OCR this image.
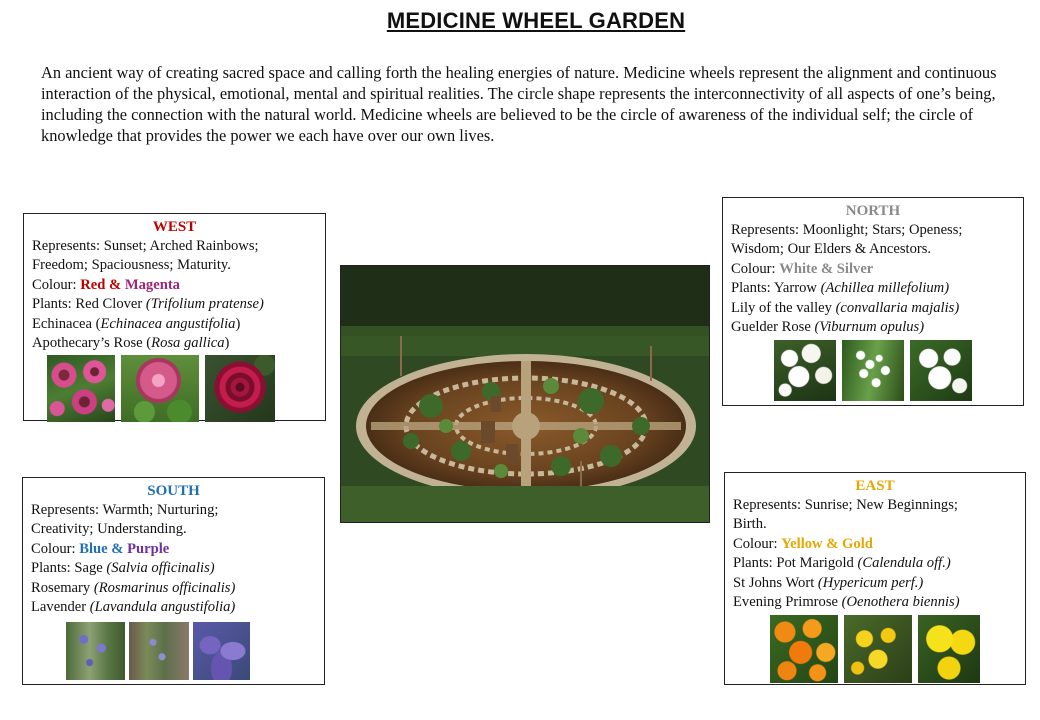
MEDICINE WHEEL GARDEN

An ancient way of creating sacred space and calling forth the healing energies of nature. Medicine wheels represent the alignment and continuous interaction of the physical, emotional, mental and spiritual realities. The circle shape represents the interconnectivity of all aspects of one’s being, including the connection with the natural world. Medicine wheels are believed to be the circle of awareness of the individual self; the circle of knowledge that provides the power we each have over our own lives.

WEST
Represents: Sunset; Arched Rainbows;
Freedom; Spaciousness; Maturity.
Colour: Red & Magenta
Plants: Red Clover (Trifolium pratense)
Echinacea (Echinacea angustifolia)
Apothecary’s Rose (Rosa gallica)
NORTH
Represents: Moonlight; Stars; Openess;
Wisdom; Our Elders & Ancestors.
Colour: White & Silver
Plants: Yarrow (Achillea millefolium)
Lily of the valley (convallaria majalis)
Guelder Rose (Viburnum opulus)
SOUTH
Represents: Warmth; Nurturing;
Creativity; Understanding.
Colour: Blue & Purple
Plants: Sage (Salvia officinalis)
Rosemary (Rosmarinus officinalis)
Lavender (Lavandula angustifolia)
EAST
Represents: Sunrise; New Beginnings;
Birth.
Colour: Yellow & Gold
Plants: Pot Marigold (Calendula off.)
St Johns Wort (Hypericum perf.)
Evening Primrose (Oenothera biennis)
